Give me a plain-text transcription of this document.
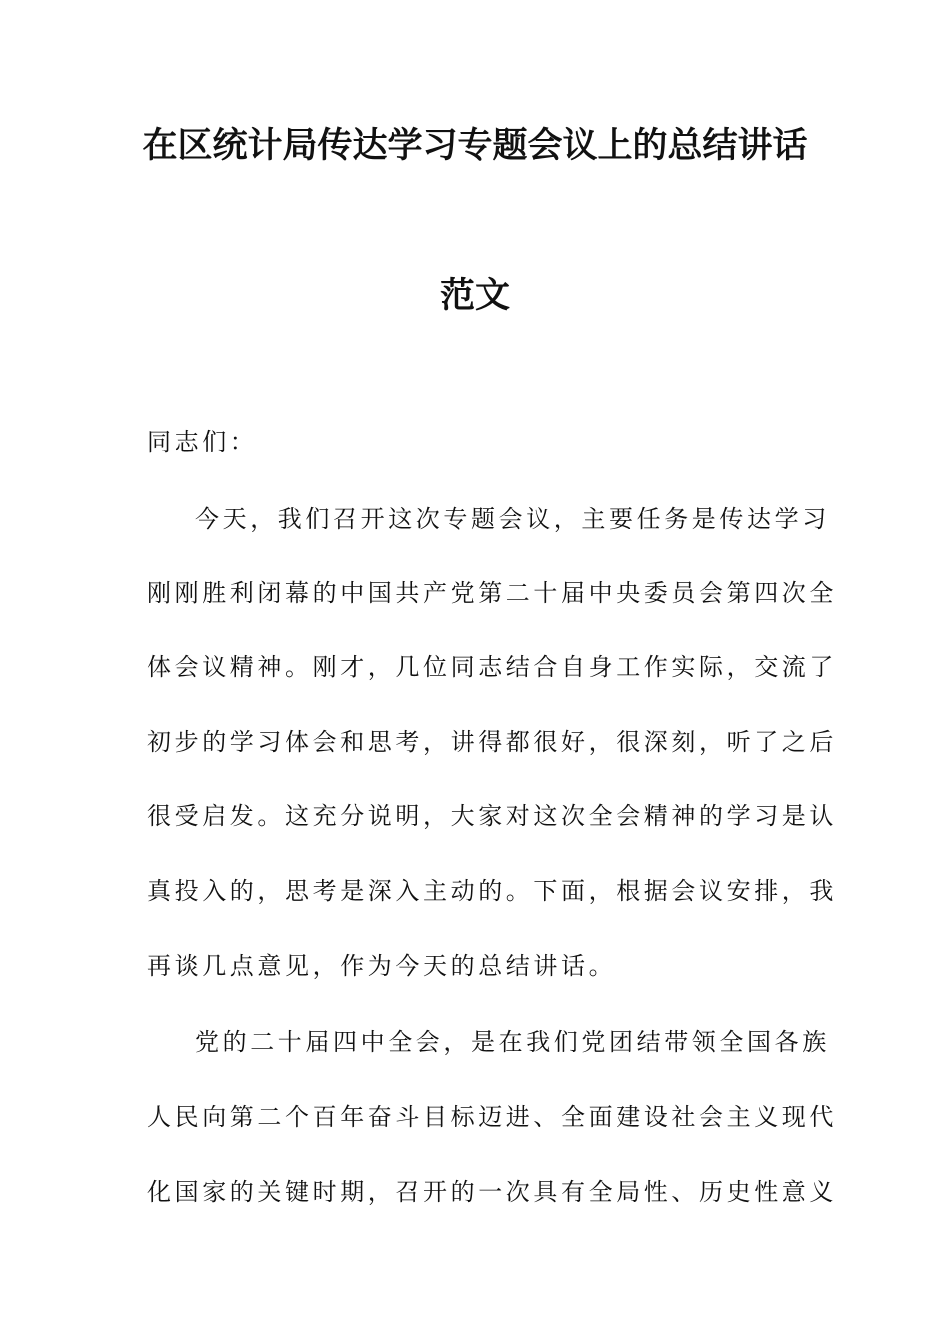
在区统计局传达学习专题会议上的总结讲话
范文
同志们：
今天，我们召开这次专题会议，主要任务是传达学习
刚刚胜利闭幕的中国共产党第二十届中央委员会第四次全
体会议精神。刚才，几位同志结合自身工作实际，交流了
初步的学习体会和思考，讲得都很好，很深刻，听了之后
很受启发。这充分说明，大家对这次全会精神的学习是认
真投入的，思考是深入主动的。下面，根据会议安排，我
再谈几点意见，作为今天的总结讲话。
党的二十届四中全会，是在我们党团结带领全国各族
人民向第二个百年奋斗目标迈进、全面建设社会主义现代
化国家的关键时期，召开的一次具有全局性、历史性意义
